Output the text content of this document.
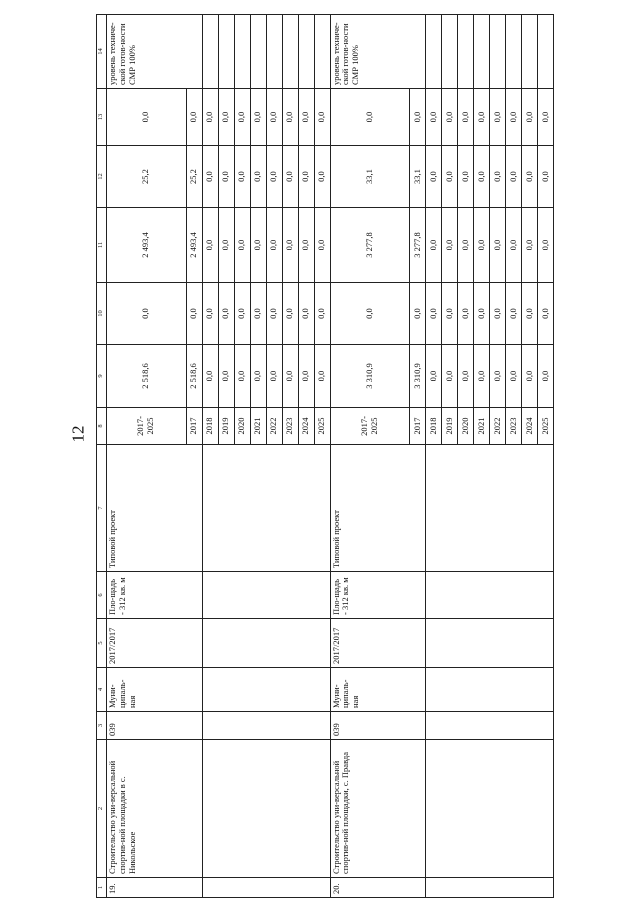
12
1	2	3	4	5	6	7	8	9	10	11	12	13	14
19.	Строительство уни-версальной спортив-ной площадки в с. Никольское	039	Муни-ципаль-ная	2017/2017	Пло-щадь - 312 кв. м	Типовой проект	2017-2025	2 518,6	0,0	2 493,4	25,2	0,0	уровень техниче-ской готов-ности СМР 100%
							2017	2 518,6	0,0	2 493,4	25,2	0,0	
							2018	0,0	0,0	0,0	0,0	0,0	
							2019	0,0	0,0	0,0	0,0	0,0	
							2020	0,0	0,0	0,0	0,0	0,0	
							2021	0,0	0,0	0,0	0,0	0,0	
							2022	0,0	0,0	0,0	0,0	0,0	
							2023	0,0	0,0	0,0	0,0	0,0	
							2024	0,0	0,0	0,0	0,0	0,0	
							2025	0,0	0,0	0,0	0,0	0,0	
20.	Строительство уни-версальной спортив-ной площадки, с. Правда	039	Муни-ципаль-ная	2017/2017	Пло-щадь - 312 кв. м	Типовой проект	2017-2025	3 310,9	0,0	3 277,8	33,1	0,0	уровень техниче-ской готов-ности СМР 100%
							2017	3 310,9	0,0	3 277,8	33,1	0,0	
							2018	0,0	0,0	0,0	0,0	0,0	
							2019	0,0	0,0	0,0	0,0	0,0	
							2020	0,0	0,0	0,0	0,0	0,0	
							2021	0,0	0,0	0,0	0,0	0,0	
							2022	0,0	0,0	0,0	0,0	0,0	
							2023	0,0	0,0	0,0	0,0	0,0	
							2024	0,0	0,0	0,0	0,0	0,0	
							2025	0,0	0,0	0,0	0,0	0,0	
